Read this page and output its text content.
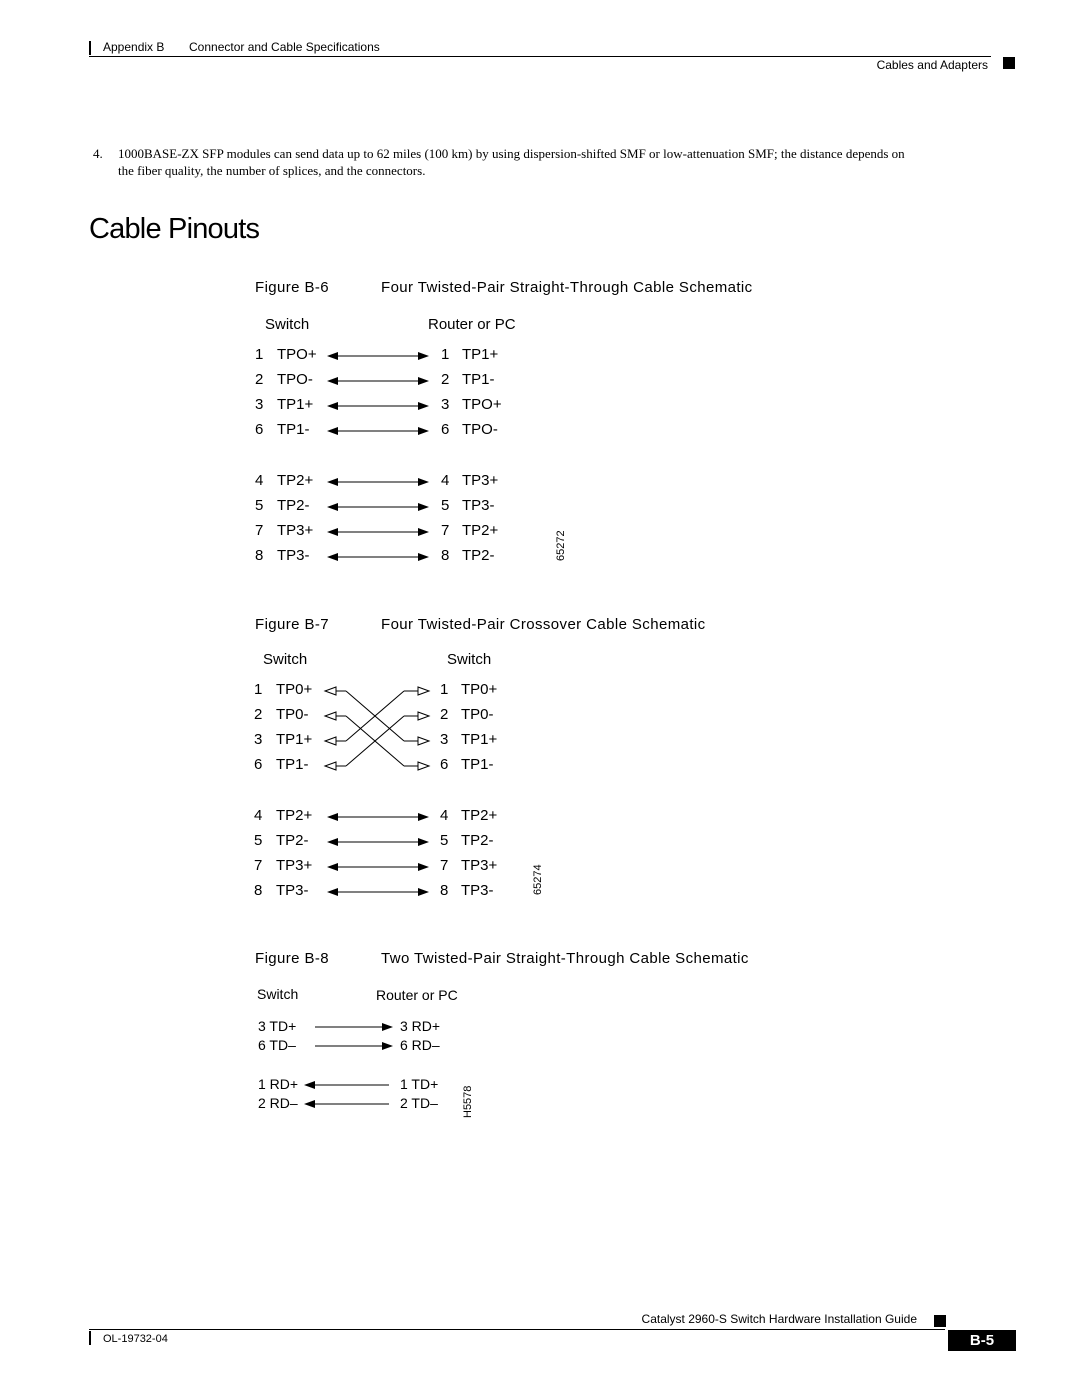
Appendix B Connector and Cable Specifications
Cables and Adapters
4. 1000BASE-ZX SFP modules can send data up to 62 miles (100 km) by using dispersion-shifted SMF or low-attenuation SMF; the distance depends on
the fiber quality, the number of splices, and the connectors.
Cable Pinouts
Figure B-6	Four Twisted-Pair Straight-Through Cable Schematic
Switch	Router or PC
1 TPO+	1 TP1+
2 TPO-	2 TP1-
3 TP1+	3 TPO+
6 TP1-	6 TPO-
4 TP2+	4 TP3+
5 TP2-	5 TP3-
7 TP3+	7 TP2+
8 TP3-	8 TP2-	65272
Figure B-7	Four Twisted-Pair Crossover Cable Schematic
Switch	Switch
1 TP0+	1 TP0+
2 TP0-	2 TP0-
3 TP1+	3 TP1+
6 TP1-	6 TP1-
4 TP2+	4 TP2+
5 TP2-	5 TP2-
7 TP3+	7 TP3+
8 TP3-	8 TP3-	65274
Figure B-8	Two Twisted-Pair Straight-Through Cable Schematic
Switch	Router or PC
3 TD+	3 RD+
6 TD–	6 RD–
1 RD+	1 TD+
2 RD–	2 TD– H5578
Catalyst 2960-S Switch Hardware Installation Guide
OL-19732-04	B-5
